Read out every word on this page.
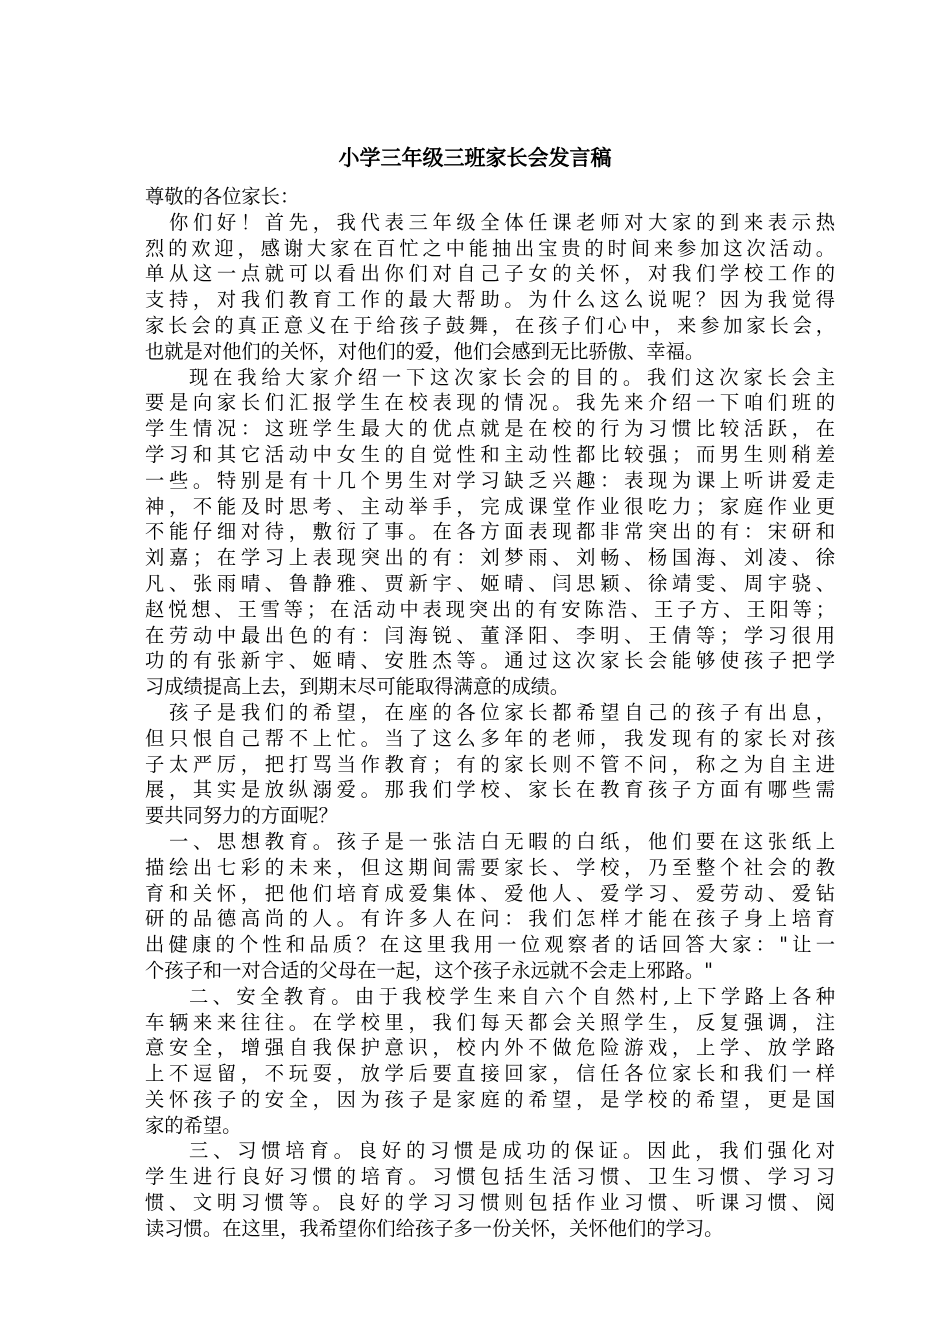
小学三年级三班家长会发言稿
尊敬的各位家长：
你们好！首先，我代表三年级全体任课老师对大家的到来表示热
烈的欢迎，感谢大家在百忙之中能抽出宝贵的时间来参加这次活动。
单从这一点就可以看出你们对自己子女的关怀，对我们学校工作的
支持，对我们教育工作的最大帮助。为什么这么说呢？因为我觉得
家长会的真正意义在于给孩子鼓舞，在孩子们心中，来参加家长会，
也就是对他们的关怀，对他们的爱，他们会感到无比骄傲、幸福。
现在我给大家介绍一下这次家长会的目的。我们这次家长会主
要是向家长们汇报学生在校表现的情况。我先来介绍一下咱们班的
学生情况：这班学生最大的优点就是在校的行为习惯比较活跃，在
学习和其它活动中女生的自觉性和主动性都比较强；而男生则稍差
一些。特别是有十几个男生对学习缺乏兴趣：表现为课上听讲爱走
神，不能及时思考、主动举手，完成课堂作业很吃力；家庭作业更
不能仔细对待，敷衍了事。在各方面表现都非常突出的有：宋研和
刘嘉；在学习上表现突出的有：刘梦雨、刘畅、杨国海、刘凌、徐
凡、张雨晴、鲁静雅、贾新宇、姬晴、闫思颖、徐靖雯、周宇骁、
赵悦想、王雪等；在活动中表现突出的有安陈浩、王子方、王阳等；
在劳动中最出色的有：闫海锐、董泽阳、李明、王倩等；学习很用
功的有张新宇、姬晴、安胜杰等。通过这次家长会能够使孩子把学
习成绩提高上去，到期末尽可能取得满意的成绩。
孩子是我们的希望，在座的各位家长都希望自己的孩子有出息，
但只恨自己帮不上忙。当了这么多年的老师，我发现有的家长对孩
子太严厉，把打骂当作教育；有的家长则不管不问，称之为自主进
展，其实是放纵溺爱。那我们学校、家长在教育孩子方面有哪些需
要共同努力的方面呢？
一、思想教育。孩子是一张洁白无暇的白纸，他们要在这张纸上
描绘出七彩的未来，但这期间需要家长、学校，乃至整个社会的教
育和关怀，把他们培育成爱集体、爱他人、爱学习、爱劳动、爱钻
研的品德高尚的人。有许多人在问：我们怎样才能在孩子身上培育
出健康的个性和品质？在这里我用一位观察者的话回答大家："让一
个孩子和一对合适的父母在一起，这个孩子永远就不会走上邪路。"
二、安全教育。由于我校学生来自六个自然村,上下学路上各种
车辆来来往往。在学校里，我们每天都会关照学生，反复强调，注
意安全，增强自我保护意识，校内外不做危险游戏，上学、放学路
上不逗留，不玩耍，放学后要直接回家，信任各位家长和我们一样
关怀孩子的安全，因为孩子是家庭的希望，是学校的希望，更是国
家的希望。
三、习惯培育。良好的习惯是成功的保证。因此，我们强化对
学生进行良好习惯的培育。习惯包括生活习惯、卫生习惯、学习习
惯、文明习惯等。良好的学习习惯则包括作业习惯、听课习惯、阅
读习惯。在这里，我希望你们给孩子多一份关怀，关怀他们的学习。
